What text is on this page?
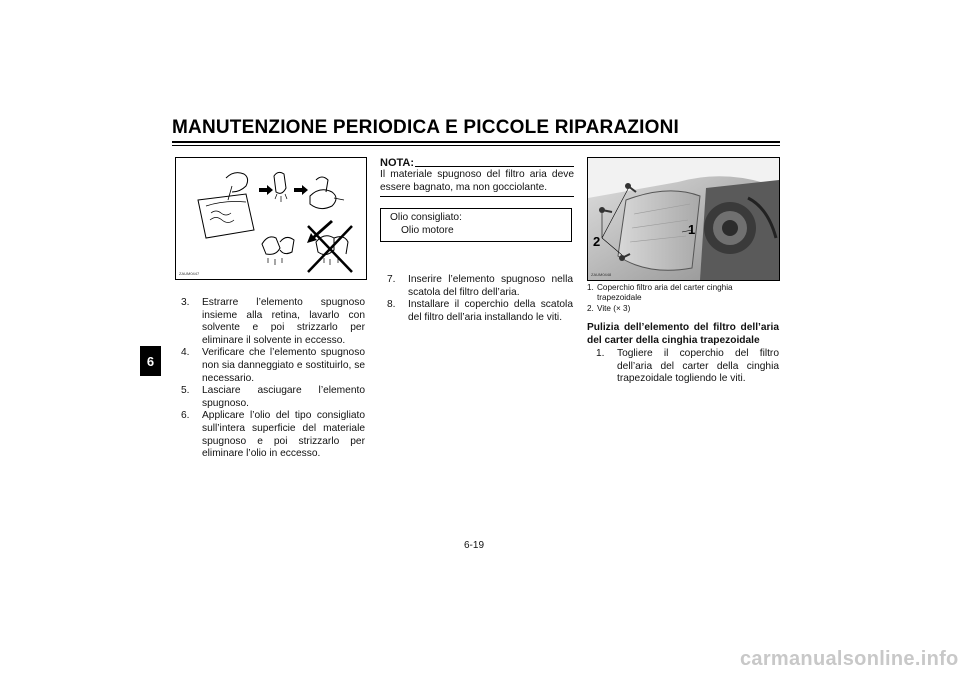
MANUTENZIONE PERIODICA E PICCOLE RIPARAZIONI
6
ZAUM0447
3. Estrarre l’elemento spugnoso insieme alla retina, lavarlo con solvente e poi strizzarlo per eliminare il solvente in eccesso.
4. Verificare che l’elemento spugnoso non sia danneggiato e sostituirlo, se necessario.
5. Lasciare asciugare l’elemento spugnoso.
6. Applicare l’olio del tipo consigliato sull’intera superficie del materiale spugnoso e poi strizzarlo per eliminare l’olio in eccesso.
NOTA:
Il materiale spugnoso del filtro aria deve essere bagnato, ma non gocciolante.
Olio consigliato:
Olio motore
7. Inserire l’elemento spugnoso nella scatola del filtro dell’aria.
8. Installare il coperchio della scatola del filtro dell’aria installando le viti.
2
1
ZAUM0448
1. Coperchio filtro aria del carter cinghia trapezoidale
2. Vite (× 3)
Pulizia dell’elemento del filtro dell’aria del carter della cinghia trapezoidale
1. Togliere il coperchio del filtro dell’aria del carter della cinghia trapezoidale togliendo le viti.
6-19
carmanualsonline.info
